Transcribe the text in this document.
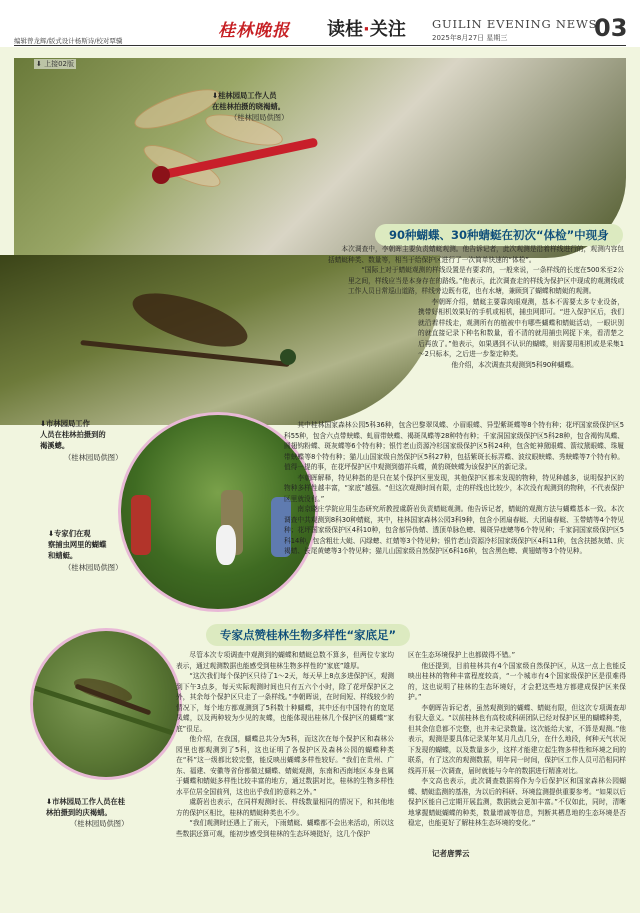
编辑曾龙辉/版式设计杨斯诗/校对覃骥	桂林晚报 读桂·关注 GUILIN EVENING NEWS
2025年8月27日 星期三	03
⬇ 上接02版
⬇桂林园局工作人员
在桂林拍摄的晓褐蜻。
（桂林园局供图）
90种蝴蝶、30种蜻蜓在初次“体检”中现身
⬇市林园局工作
人员在桂林拍摄到的
褐溪蟌。
（桂林园局供图）
⬇专家们在观
察捕虫网里的蝴蝶
和蜻蜓。
（桂林园局供图）
专家点赞桂林生物多样性“家底足”
⬇市林园局工作人员在桂
林拍摄到的庆褐蜻。
（桂林园局供图）

本次调查中，李朝晖主要负责蜻蜓观测。他告诉记者，此次观测是沿着样线进行的，观测内容包括蜻蜓种类、数量等，相当于给保护区进行了一次简单快速的“体检”。

“国际上对于蜻蜓观测的样线设置是有要求的，一般来说，一条样线的长度在500米至2公里之间，样线应当是本身存在的路线。”他表示，此次调查走的样线为保护区中现成的观测线或工作人员日常巡山道路，样线旁边既有花，也有水塘，兼顾到了蝴蝶和蜻蜓的观测。

李朝晖介绍，蜻蜓主要靠肉眼观测，基本不需要太多专业设备，携带好相机效果好的手机或相机，捕虫网即可。“进入保护区后，我们就沿着样线走，观测所有的植被中有哪些蝴蝶和蜻蜓活动，一眼识别的就直接记录下种名和数量，看不清的就用捕虫网捉下来，看清楚之后再放了。”他表示，如果遇到不认识的蝴蝶，则需要用相机或是采集1～2只标本，之后进一步鉴定种类。

他介绍，本次调查共观测到5科90种蝴蝶。

其中桂林国家森林公园5科36种，包含巴黎翠凤蝶、小眉眼蝶、异型紫斑蝶等8个特有种；花坪国家级保护区5科55种，包含六点带蛱蝶、虬眉带蛱蝶、褐斑凤蝶等28种特有种；千家洞国家级保护区5科28种，包含褐钩凤蝶、圆翅钩粉蝶、斑灰蝶等6个特有种；银竹老山资源冷杉国家级保护区5科24种，包含蛇神黛眼蝶、箭纹黛眼蝶、珠履带蛱蝶等8个特有种；猫儿山国家级自然保护区5科27种，包括紫斑长标弄蝶、波纹眼蛱蝶、秀蛱蝶等7个特有种。值得一提的事，在花坪保护区中观测到德祥兵蝶，黄豹斑蛱蝶为该保护区的新记录。

李朝晖解释，特见种指的是只在某个保护区里发现，其他保护区都未发现的物种，特见种越多，说明保护区的物种多样性越丰富，“家底”越强。“但这次观测时间有限，走的样线也比较少，本次没有观测到的物种，不代表保护区里就没有。”

南京晓庄学院应用生态研究所教授虞蔚岩负责蜻蜓观测。他告诉记者，蜻蜓的观测方法与蝴蝶基本一致。本次调查中共观测到8科30种蜻蜓，其中，桂林国家森林公园3科9种，包含小团扇春蜓、大团扇春蜓、玉带蜻等4个特见种；花坪国家级保护区4科10种，包含郁异伪蜻、透顶单脉色蟌、褐斑异痣蟌等6个特见种；千家洞国家级保护区5科14种，包含粗壮大蜓、闪绿蟌、红蜻等3个特见种；银竹老山资源冷杉国家级保护区4科11种，包含扶撼灰蜻、庆褐蜻、长尾黄蟌等3个特见种；猫儿山国家级自然保护区6科16种，包含黑色蟌、黄翅蜻等3个特见种。

尽管本次专项调查中观测到的蝴蝶和蜻蜓总数不算多，但两位专家均表示，通过观测数据也能感受到桂林生物多样性的“家底”雄厚。

“这次我们每个保护区只待了1～2天，每天早上8点多进保护区，观测到下午3点多，每天实际观测时间也只有五六个小时，除了花坪保护区之外，其余每个保护区只走了一条样线。”李朝晖说，在时间短、样线较少的情况下，每个地方都观测到了5科数十种蝴蝶，其中还有中国特有的宽尾凤蝶，以及两种较为少见的灰蝶，也能体现出桂林几个保护区的蝴蝶“家底”很足。

他介绍，在我国，蝴蝶总共分为5科，而这次在每个保护区和森林公园里也都观测到了5科，这也证明了各保护区及森林公园的蝴蝶种类在“科”这一级都比较完整，能反映出蝴蝶多样性较好。“我们在贵州、广东、福建、安徽等省份都做过蝴蝶、蜻蜓观测，东南和西南地区本身也属于蝴蝶和蜻蜓多样性比较丰富的地方，通过数据对比，桂林的生物多样性水平位居全国前列，这也出乎我们的意料之外。”

虞蔚岩也表示，在同样观测时长、样线数量相同的情况下，和其他地方的保护区相比，桂林的蜻蜓种类也不少。

“我们观测时还遇上了雨天，下雨蜻蜓、蝴蝶都不会出来活动，所以这些数据还算可观，能初步感受到桂林的生态环境挺好，这几个保护

区在生态环境保护上也都做得不错。”

他还提到，目前桂林共有4个国家级自然保护区，从这一点上也能反映出桂林的物种丰富程度较高，“一个城市有4个国家级保护区是很难得的，这也说明了桂林的生态环境好，才会把这些地方都建成保护区来保护。”

李朝晖告诉记者，虽然观测到的蝴蝶、蜻蜓有限，但这次专项调查却有很大意义。“以前桂林也有高校或科研团队已经对保护区里的蝴蝶种类，但其余信息都不完整，也并未记录数量。这次能给大家，不算是观测。”他表示，观测是要具体记录某年某月几点几分，在什么地段，何种天气状况下发现的蝴蝶，以及数量多少，这样才能建立起生物多样性和环境之间的联系，有了这次的观测数据，明年同一时间，保护区工作人员可沿相同样线再开展一次调查，届时就能与今年的数据进行精准对比。

李文高也表示，此次调查数据将作为今后保护区和国家森林公园蝴蝶、蜻蜓监测的基准，为以后的科研、环境监测提供重要参考。“如果以后保护区能自己定期开展监测，数据就会更加丰富。”不仅如此，同时，清晰地掌握蜻蜓蝴蝶的种类，数量增减等信息，判断其栖息地的生态环境是否稳定，也能更好了解桂林生态环境的变化。”

记者唐霁云
